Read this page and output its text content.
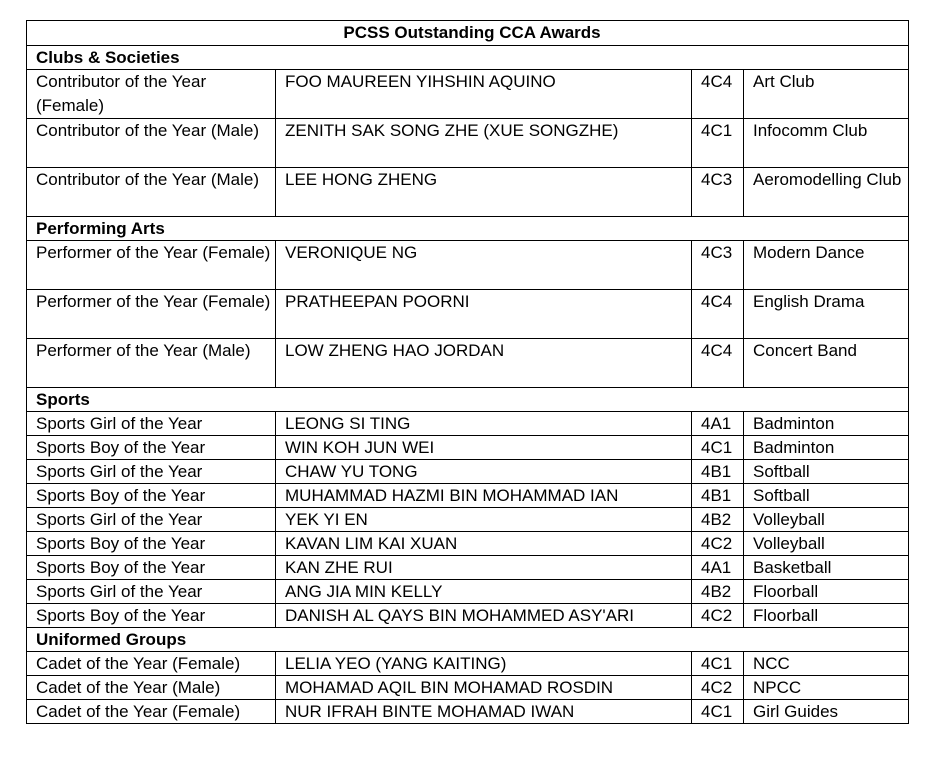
PCSS Outstanding CCA Awards			
Clubs & Societies			
Contributor of the Year (Female)	FOO MAUREEN YIHSHIN AQUINO	4C4	Art Club
Contributor of the Year (Male)	ZENITH SAK SONG ZHE (XUE SONGZHE)	4C1	Infocomm Club
Contributor of the Year (Male)	LEE HONG ZHENG	4C3	Aeromodelling Club
Performing Arts			
Performer of the Year (Female)	VERONIQUE NG	4C3	Modern Dance
Performer of the Year (Female)	PRATHEEPAN POORNI	4C4	English Drama
Performer of the Year (Male)	LOW ZHENG HAO JORDAN	4C4	Concert Band
Sports			
Sports Girl of the Year	LEONG SI TING	4A1	Badminton
Sports Boy of the Year	WIN KOH JUN WEI	4C1	Badminton
Sports Girl of the Year	CHAW YU TONG	4B1	Softball
Sports Boy of the Year	MUHAMMAD HAZMI BIN MOHAMMAD IAN	4B1	Softball
Sports Girl of the Year	YEK YI EN	4B2	Volleyball
Sports Boy of the Year	KAVAN LIM KAI XUAN	4C2	Volleyball
Sports Boy of the Year	KAN ZHE RUI	4A1	Basketball
Sports Girl of the Year	ANG JIA MIN KELLY	4B2	Floorball
Sports Boy of the Year	DANISH AL QAYS BIN MOHAMMED ASY'ARI	4C2	Floorball
Uniformed Groups			
Cadet of the Year (Female)	LELIA YEO (YANG KAITING)	4C1	NCC
Cadet of the Year (Male)	MOHAMAD AQIL BIN MOHAMAD ROSDIN	4C2	NPCC
Cadet of the Year (Female)	NUR IFRAH BINTE MOHAMAD IWAN	4C1	Girl Guides
